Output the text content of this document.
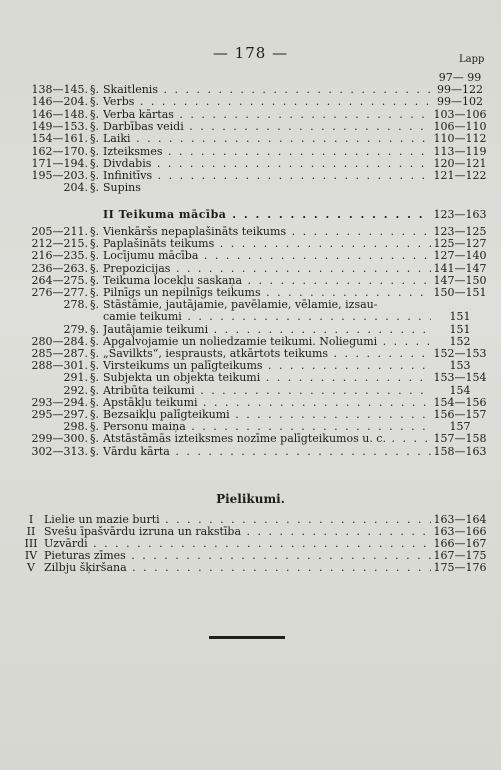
— 178 —	Lapp
97— 99
138—145. §. Skaitlenis . . .	99—122
146—204. §. Verbs . . .	99—102
146—148. §. Verba kārtas . . .	103—106
149—153. §. Darbības veidi . . .	106—110
154—161. §. Laiki . . .	110—112
162—170. §. Izteiksmes . . .	113—119
171—194. §. Divdabis . . .	120—121
195—203. §. Infinitīvs . . .	121—122
204. §. Supins
II Teikuma mācība . . .	123—163
205—211. §. Vienkāršs nepaplašināts teikums . . .	123—125
212—215. §. Paplašināts teikums . . .	125—127
216—235. §. Locījumu mācība . . .	127—140
236—263. §. Prepozicijas . . .	141—147
264—275. §. Teikuma locekļu saskaņa . . .	147—150
276—277. §. Pilnīgs un nepilnīgs teikums . . .	150—151
278. §. Stāstāmie, jautājamie, pavēlamie, vēlamie, izsau-
camie teikumi . . .	151
279. §. Jautājamie teikumi . . .	151
280—284. §. Apgalvojamie un noliedzamie teikumi. Noliegumi . . .	152
285—287. §. „Savilkts“, iesprausts, atkārtots teikums . . .	152—153
288—301. §. Virsteikums un palīgteikums . . .	153
291. §. Subjekta un objekta teikumi . . .	153—154
292. §. Atribūta teikumi . . .	154
293—294. §. Apstākļu teikumi . . .	154—156
295—297. §. Bezsaikļu palīgteikumi . . .	156—157
298. §. Personu maiņa . . .	157
299—300. §. Atstāstāmās izteiksmes nozīme palīgteikumos u. c. . . .	157—158
302—313. §. Vārdu kārta . . .	158—163
Pielikumi.
I Lielie un mazie burti . . .	163—164
II Svešu īpašvārdu izruna un rakstība . . .	163—166
III Uzvārdi . . .	166—167
IV Pieturas zīmes . . .	167—175
V Zilbju šķiršana . . .	175—176
